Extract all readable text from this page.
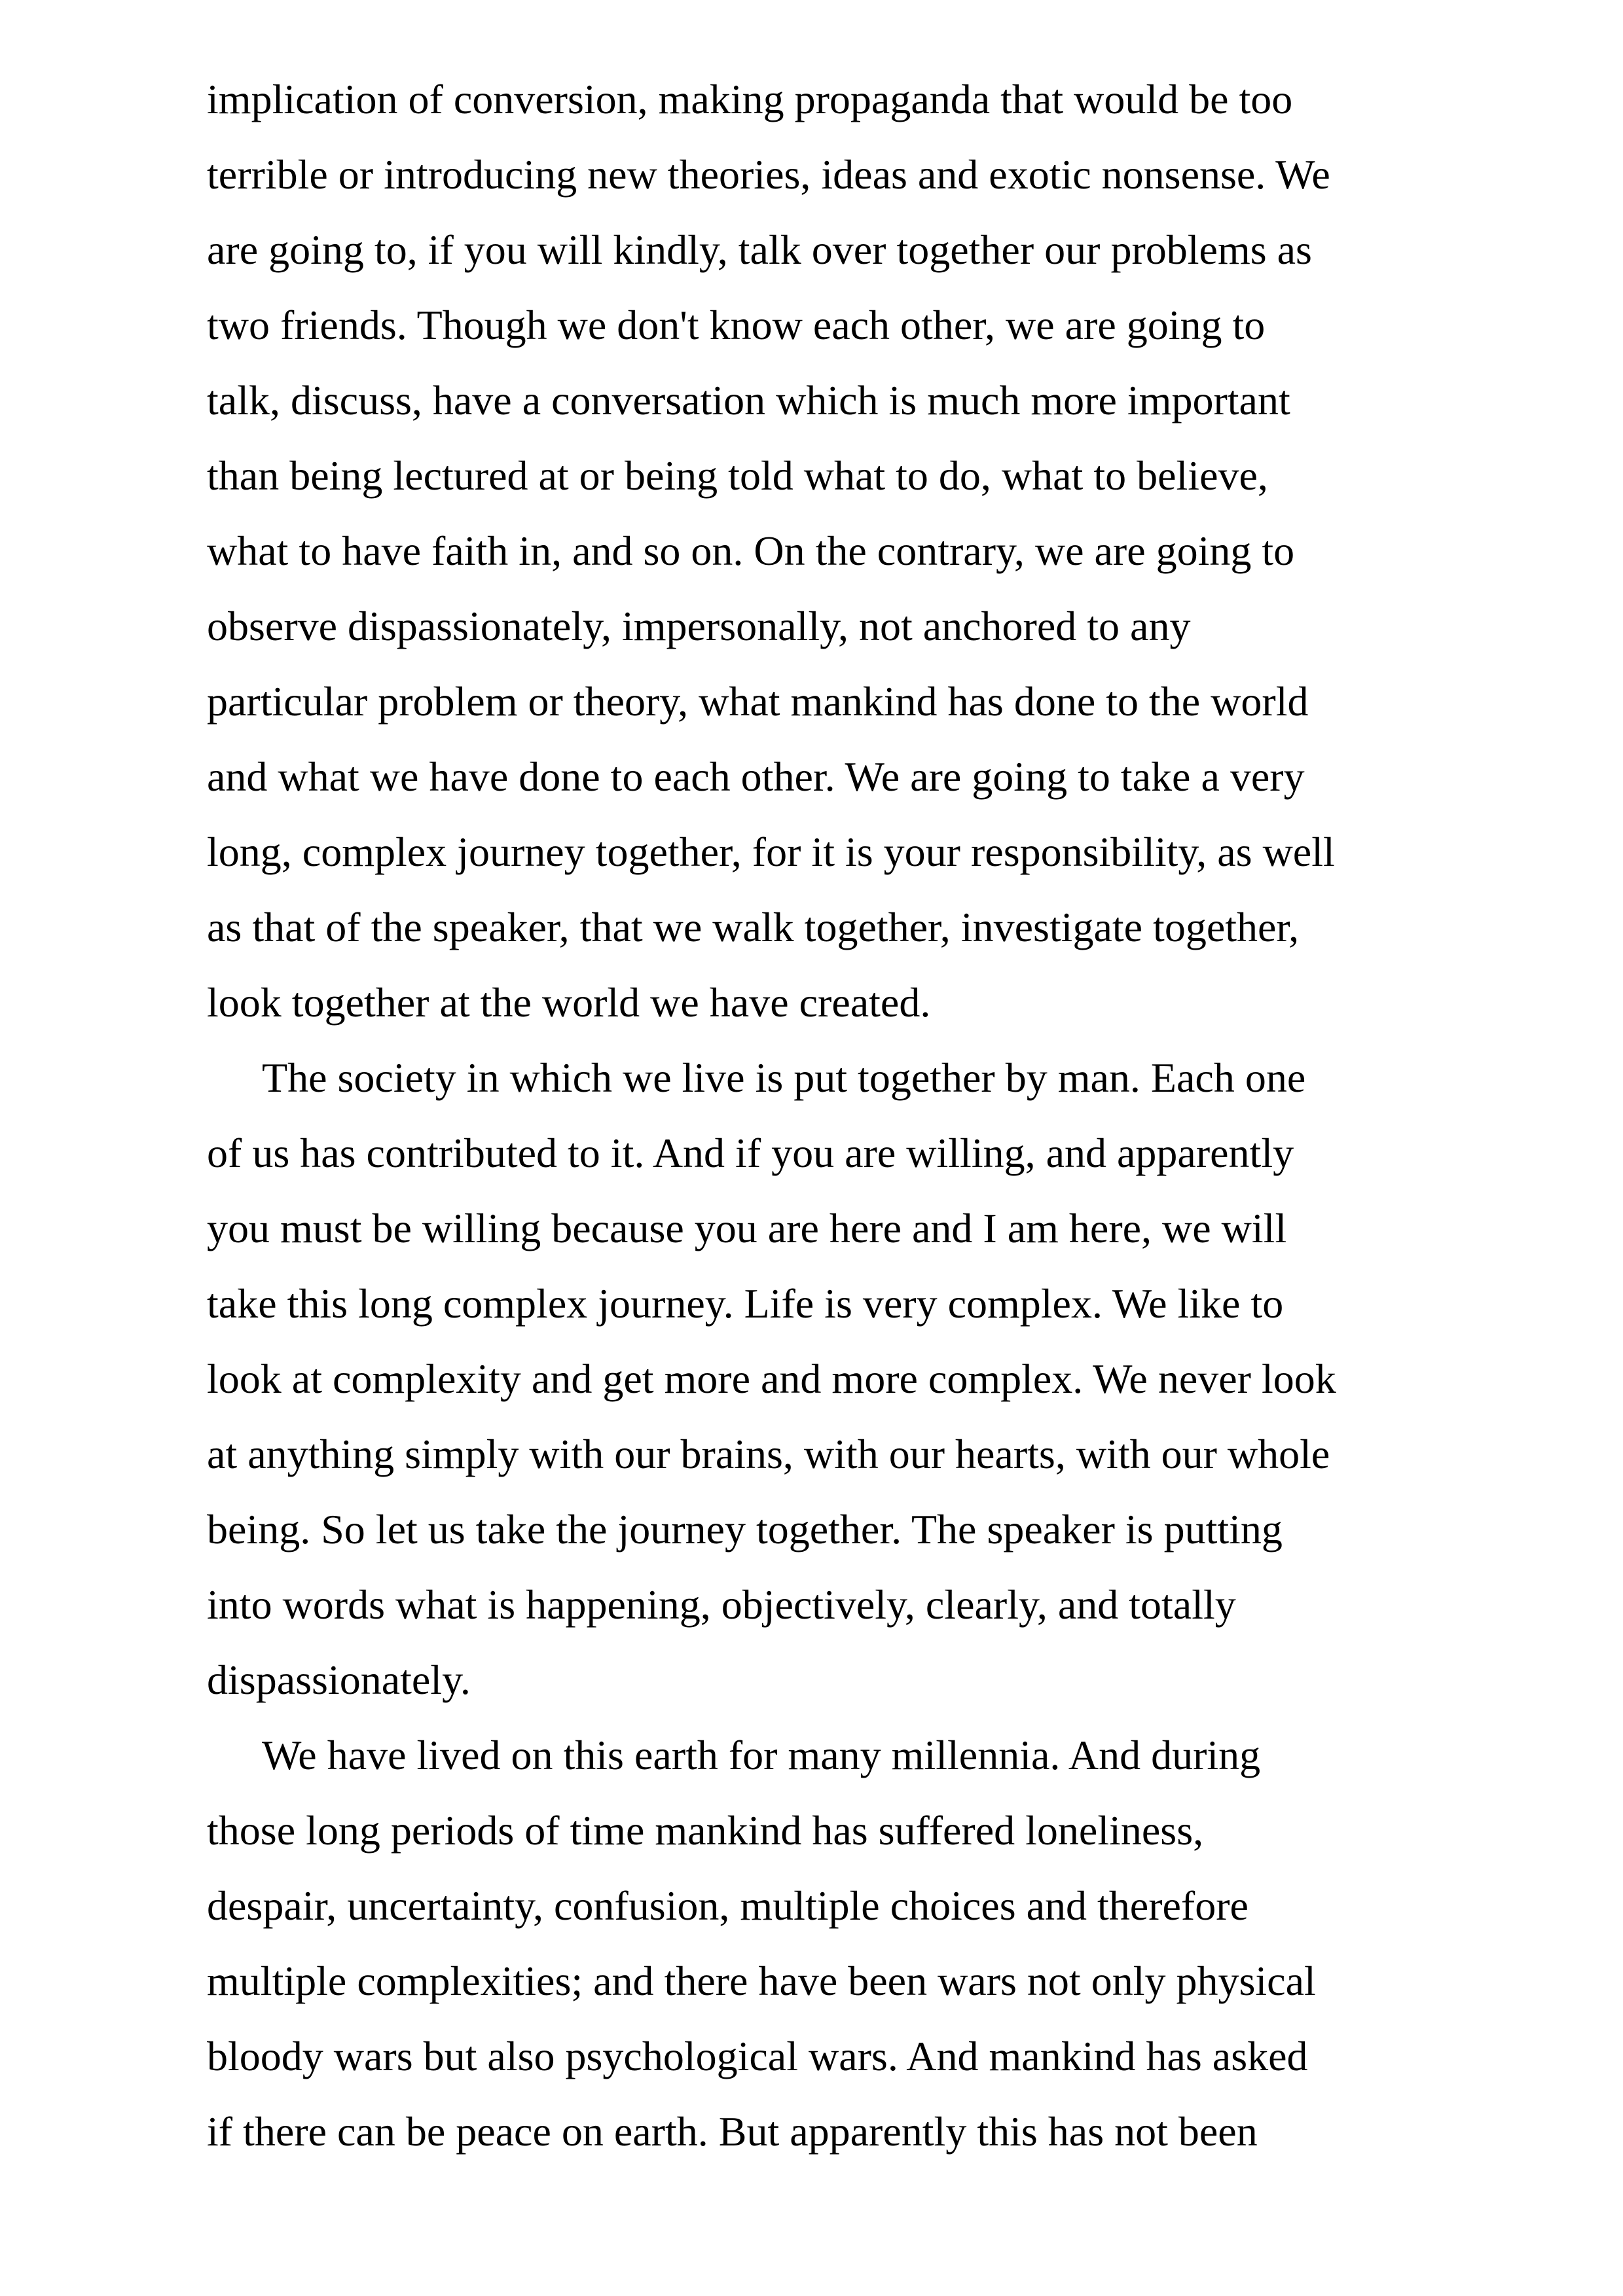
implication of conversion, making propaganda that would be too
terrible or introducing new theories, ideas and exotic nonsense. We
are going to, if you will kindly, talk over together our problems as
two friends. Though we don't know each other, we are going to
talk, discuss, have a conversation which is much more important
than being lectured at or being told what to do, what to believe,
what to have faith in, and so on. On the contrary, we are going to
observe dispassionately, impersonally, not anchored to any
particular problem or theory, what mankind has done to the world
and what we have done to each other. We are going to take a very
long, complex journey together, for it is your responsibility, as well
as that of the speaker, that we walk together, investigate together,
look together at the world we have created.
The society in which we live is put together by man. Each one
of us has contributed to it. And if you are willing, and apparently
you must be willing because you are here and I am here, we will
take this long complex journey. Life is very complex. We like to
look at complexity and get more and more complex. We never look
at anything simply with our brains, with our hearts, with our whole
being. So let us take the journey together. The speaker is putting
into words what is happening, objectively, clearly, and totally
dispassionately.
We have lived on this earth for many millennia. And during
those long periods of time mankind has suffered loneliness,
despair, uncertainty, confusion, multiple choices and therefore
multiple complexities; and there have been wars not only physical
bloody wars but also psychological wars. And mankind has asked
if there can be peace on earth. But apparently this has not been
